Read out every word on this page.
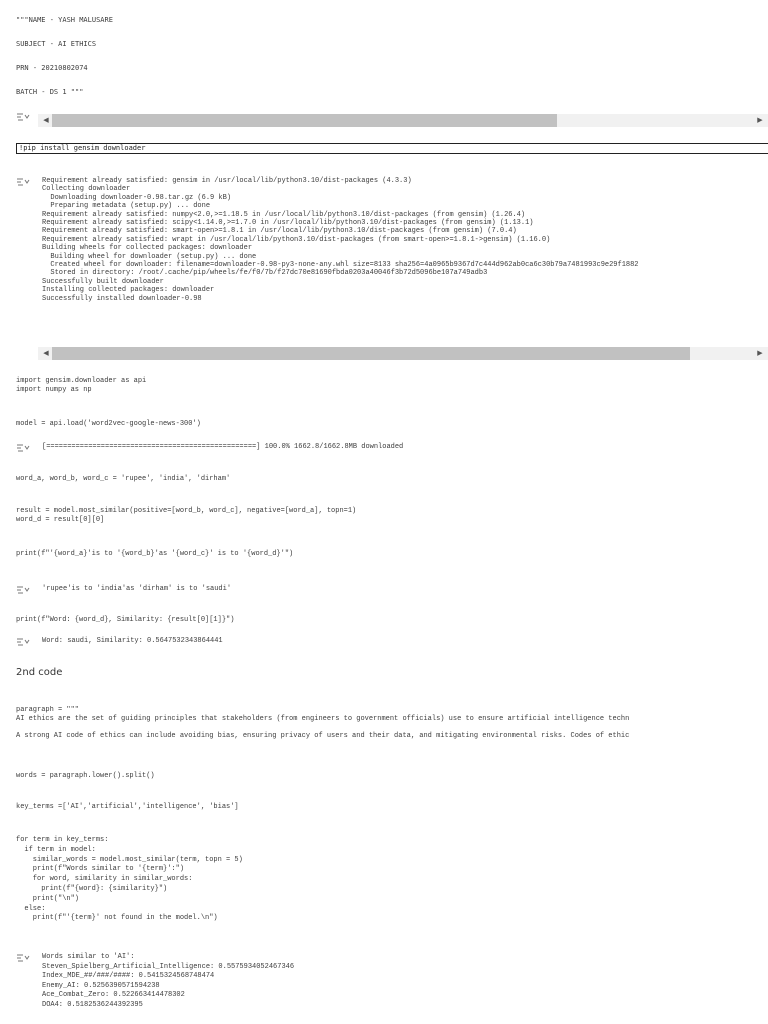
"""NAME - YASH MALUSARE
SUBJECT - AI ETHICS
PRN - 20210802074
BATCH - DS 1 """
◀	▶
!pip install gensim downloader
Requirement already satisfied: gensim in /usr/local/lib/python3.10/dist-packages (4.3.3)
Collecting downloader
Downloading downloader-0.98.tar.gz (6.9 kB)
Preparing metadata (setup.py) ... done
Requirement already satisfied: numpy<2.0,>=1.18.5 in /usr/local/lib/python3.10/dist-packages (from gensim) (1.26.4)
Requirement already satisfied: scipy<1.14.0,>=1.7.0 in /usr/local/lib/python3.10/dist-packages (from gensim) (1.13.1)
Requirement already satisfied: smart-open>=1.8.1 in /usr/local/lib/python3.10/dist-packages (from gensim) (7.0.4)
Requirement already satisfied: wrapt in /usr/local/lib/python3.10/dist-packages (from smart-open>=1.8.1->gensim) (1.16.0)
Building wheels for collected packages: downloader
Building wheel for downloader (setup.py) ... done
Created wheel for downloader: filename=downloader-0.98-py3-none-any.whl size=8133 sha256=4a0965b9367d7c444d962ab0ca6c30b79a7481993c9e29f1882
Stored in directory: /root/.cache/pip/wheels/fe/f0/7b/f27dc70e81690fbda0203a40046f3b72d5096be107a749adb3
Successfully built downloader
Installing collected packages: downloader
Successfully installed downloader-0.98
◀	▶
import gensim.downloader as api
import numpy as np
model = api.load('word2vec-google-news-300')
[==================================================] 100.0% 1662.8/1662.8MB downloaded
word_a, word_b, word_c = 'rupee', 'india', 'dirham'
result = model.most_similar(positive=[word_b, word_c], negative=[word_a], topn=1)
word_d = result[0][0]
print(f"'{word_a}'is to '{word_b}'as '{word_c}' is to '{word_d}'")
'rupee'is to 'india'as 'dirham' is to 'saudi'
print(f"Word: {word_d}, Similarity: {result[0][1]}")
Word: saudi, Similarity: 0.5647532343864441
2nd code
paragraph = """
AI ethics are the set of guiding principles that stakeholders (from engineers to government officials) use to ensure artificial intelligence techn

A strong AI code of ethics can include avoiding bias, ensuring privacy of users and their data, and mitigating environmental risks. Codes of ethic
words = paragraph.lower().split()
key_terms =['AI','artificial','intelligence', 'bias']
for term in key_terms:
if term in model:
similar_words = model.most_similar(term, topn = 5)
print(f"Words similar to '{term}':")
for word, similarity in similar_words:
print(f"{word}: {similarity}")
print("\n")
else:
print(f"'{term}' not found in the model.\n")
Words similar to 'AI':
Steven_Spielberg_Artificial_Intelligence: 0.5575934052467346
Index_MDE_##/###/####: 0.5415324568748474
Enemy_AI: 0.5256390571594238
Ace_Combat_Zero: 0.522663414478302
DOA4: 0.5182536244392395
